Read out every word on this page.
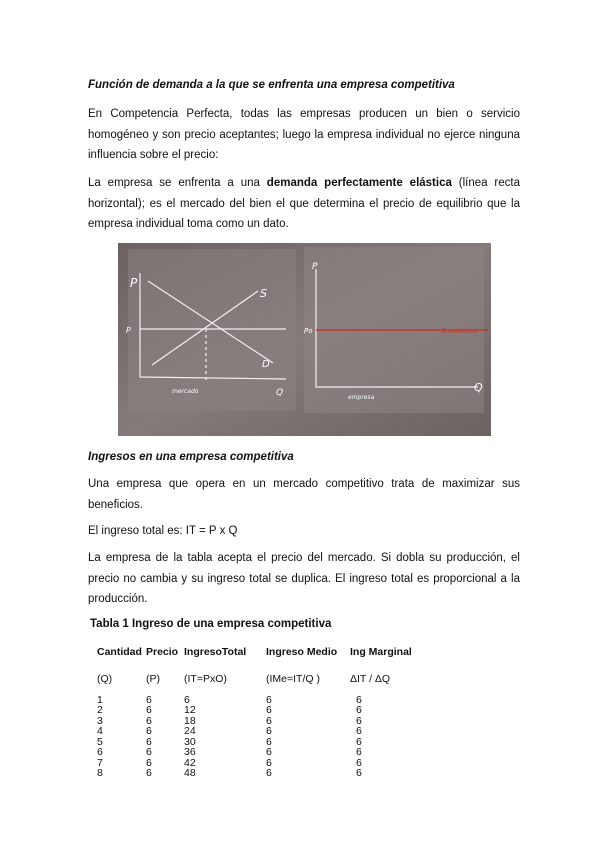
Función de demanda a la que se enfrenta una empresa competitiva
En Competencia Perfecta, todas las empresas producen un bien o servicio homogéneo y son precio aceptantes; luego la empresa individual no ejerce ninguna influencia sobre el precio:
La empresa se enfrenta a una demanda perfectamente elástica (línea recta horizontal); es el mercado del bien el que determina el precio de equilibrio que la empresa individual toma como un dato.
P
Q
P
S
D
mercado
P
Q
Po	D individual
empresa
Ingresos en una empresa competitiva
Una empresa que opera en un mercado competitivo trata de maximizar sus beneficios.
El ingreso total es: IT = P x Q
La empresa de la tabla acepta el precio del mercado. Si dobla su producción, el precio no cambia y su ingreso total se duplica. El ingreso total es proporcional a la producción.
Tabla 1 Ingreso de una empresa competitiva
Cantidad	Precio	IngresoTotal	Ingreso Medio	Ing Marginal

(Q)	(P)	(IT=PxO)	(IMe=IT/Q )	ΔIT / ΔQ

1	6	6	6	6
2	6	12	6	6
3	6	18	6	6
4	6	24	6	6
5	6	30	6	6
6	6	36	6	6
7	6	42	6	6
8	6	48	6	6
